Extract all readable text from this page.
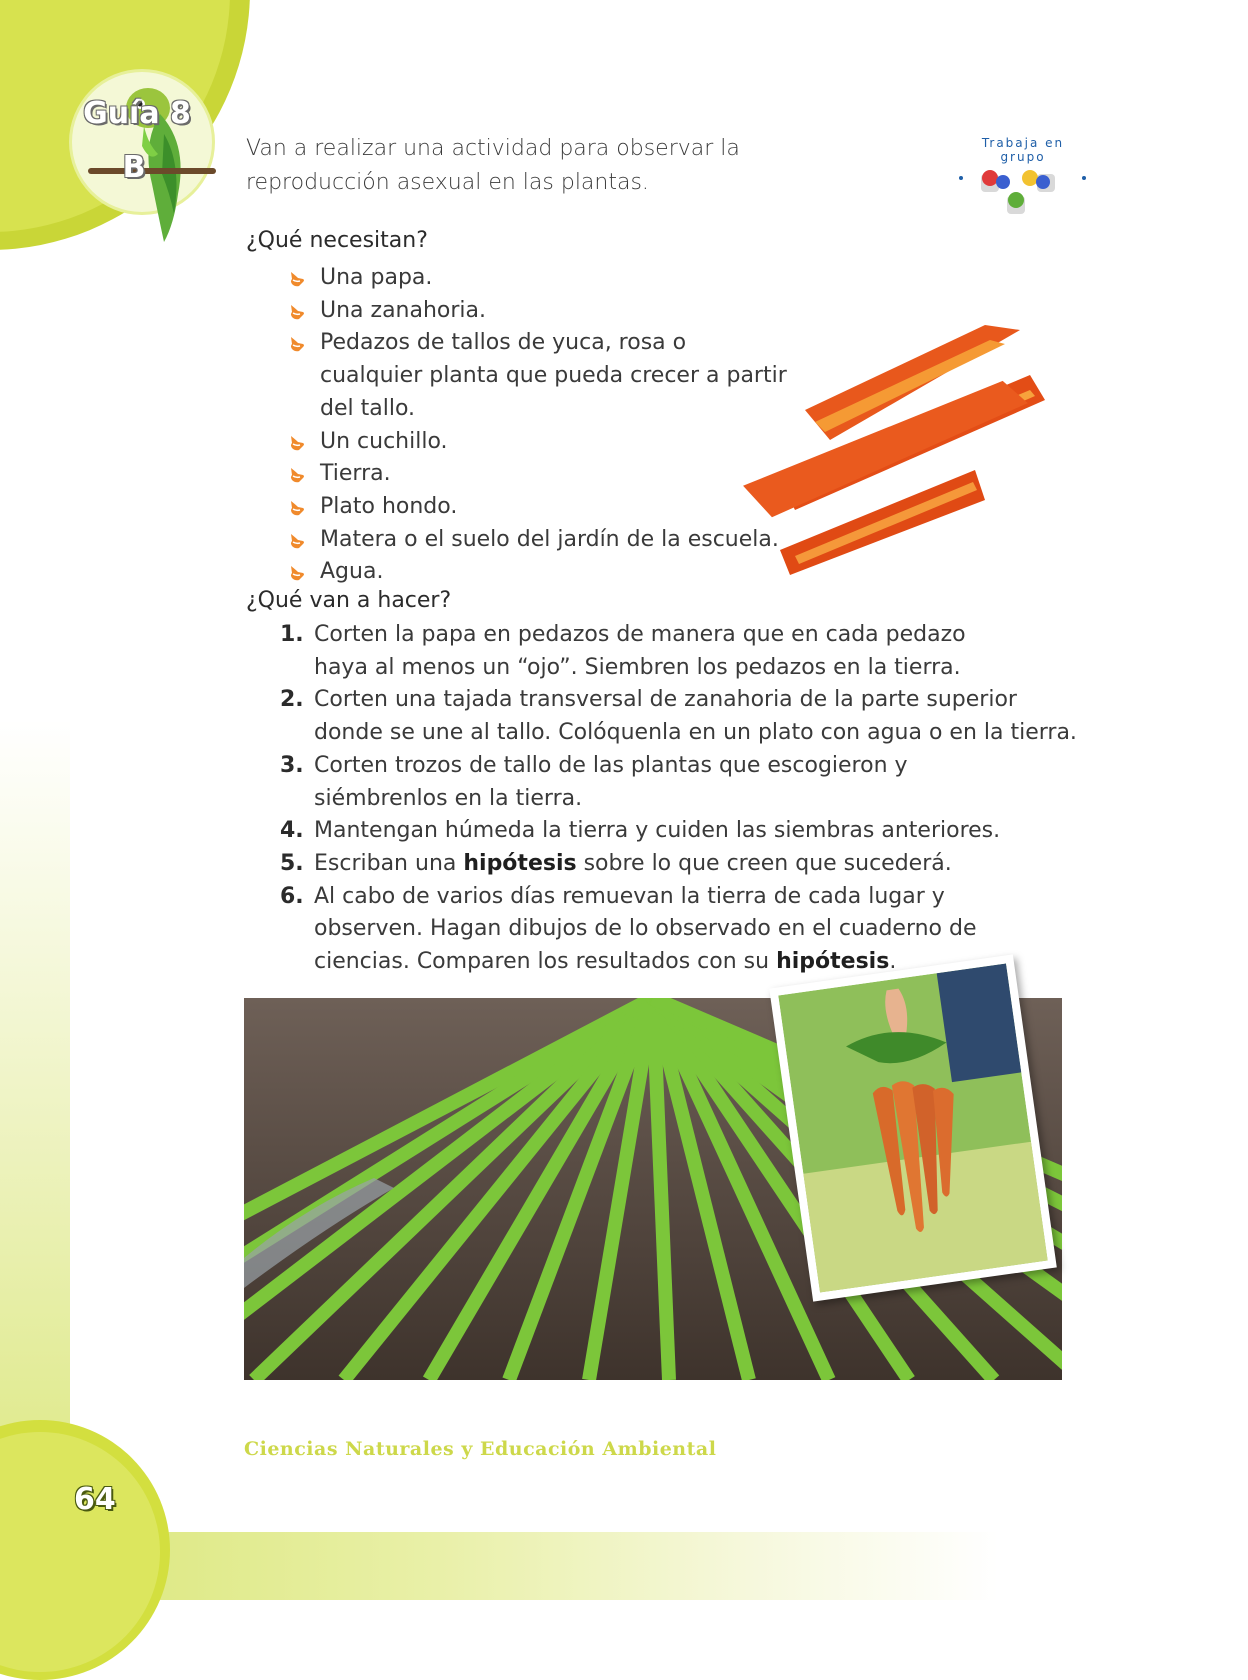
Guía 8
B
Trabaja en grupo
Van a realizar una actividad para observar la reproducción asexual en las plantas.
¿Qué necesitan?
Una papa.
Una zanahoria.
Pedazos de tallos de yuca, rosa o cualquier planta que pueda crecer a partir del tallo.
Un cuchillo.
Tierra.
Plato hondo.
Matera o el suelo del jardín de la escuela.
Agua.
¿Qué van a hacer?
1. Corten la papa en pedazos de manera que en cada pedazo haya al menos un “ojo”. Siembren los pedazos en la tierra.
2. Corten una tajada transversal de zanahoria de la parte superior donde se une al tallo. Colóquenla en un plato con agua o en la tierra.
3. Corten trozos de tallo de las plantas que escogieron y siémbrenlos en la tierra.
4. Mantengan húmeda la tierra y cuiden las siembras anteriores.
5. Escriban una hipótesis sobre lo que creen que sucederá.
6. Al cabo de varios días remuevan la tierra de cada lugar y observen. Hagan dibujos de lo observado en el cuaderno de ciencias. Comparen los resultados con su hipótesis.
Ciencias Naturales y Educación Ambiental
64
